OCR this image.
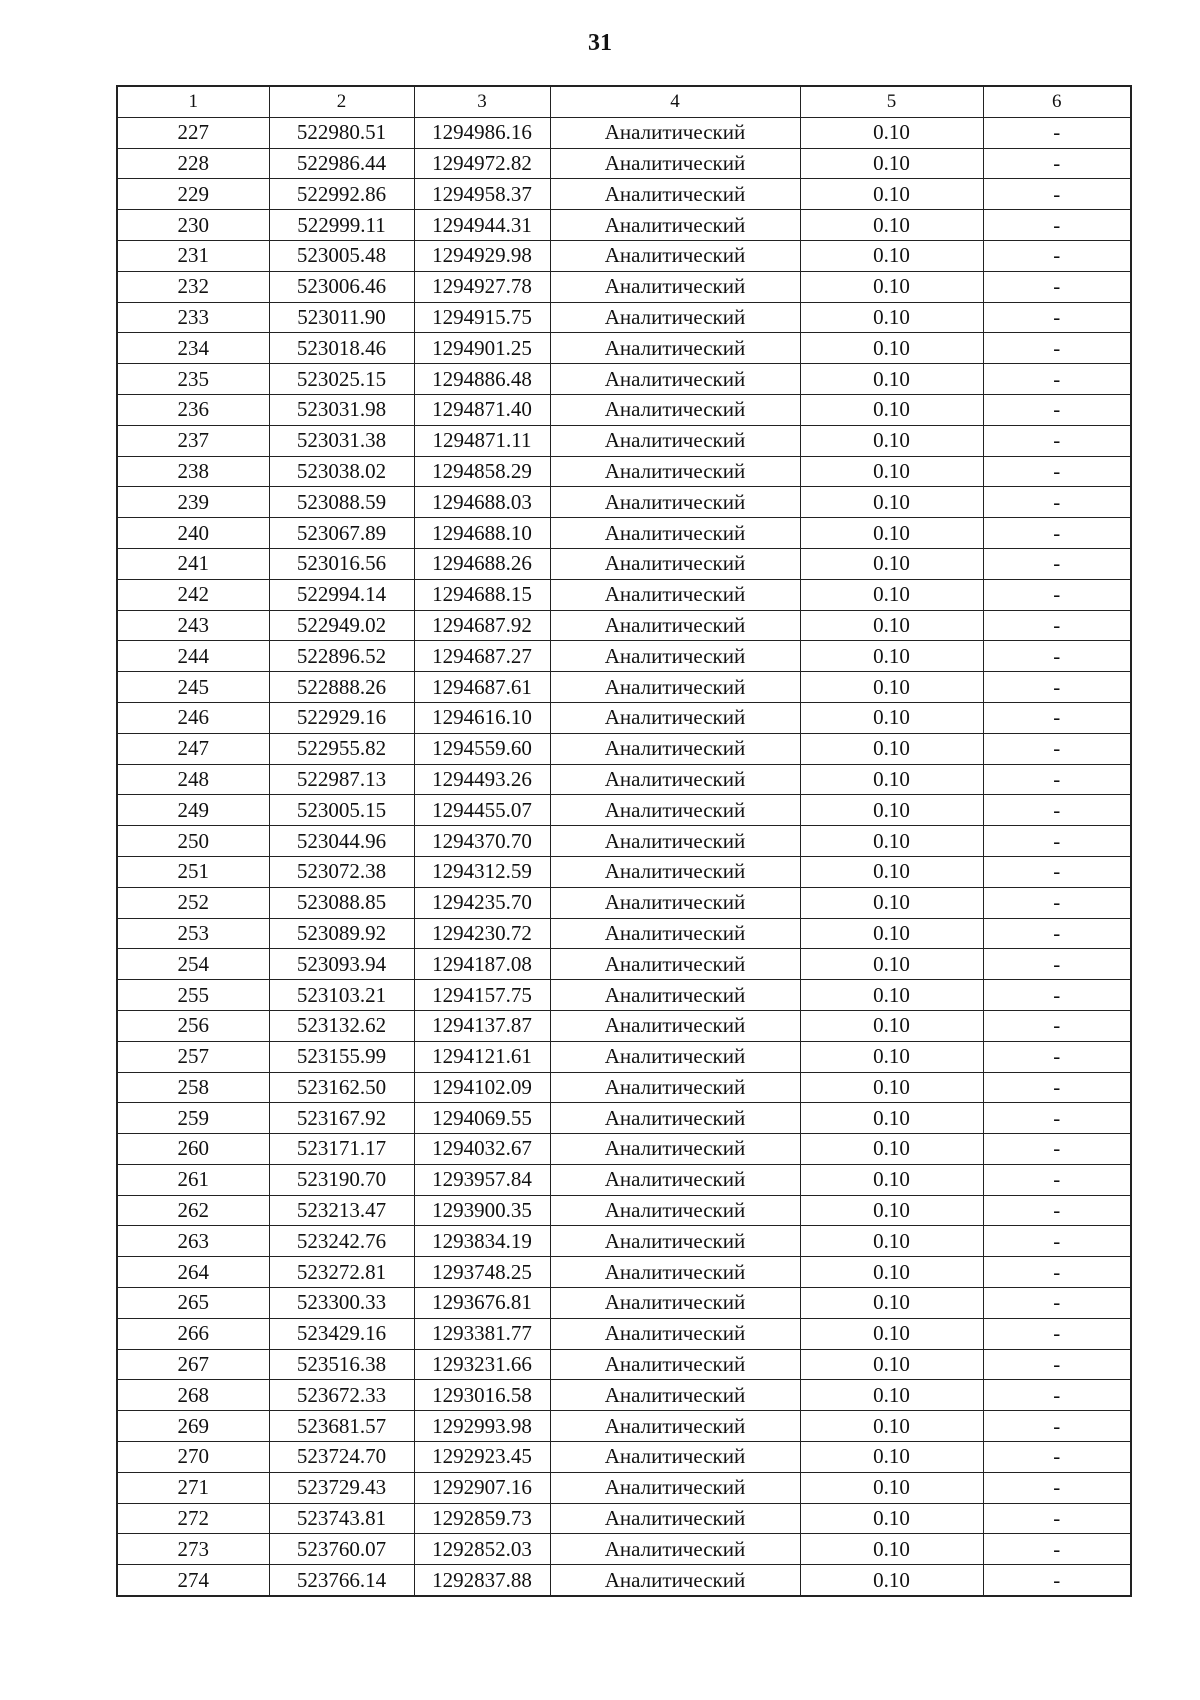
31
1	2	3	4	5	6
227	522980.51	1294986.16	Аналитический	0.10	-
228	522986.44	1294972.82	Аналитический	0.10	-
229	522992.86	1294958.37	Аналитический	0.10	-
230	522999.11	1294944.31	Аналитический	0.10	-
231	523005.48	1294929.98	Аналитический	0.10	-
232	523006.46	1294927.78	Аналитический	0.10	-
233	523011.90	1294915.75	Аналитический	0.10	-
234	523018.46	1294901.25	Аналитический	0.10	-
235	523025.15	1294886.48	Аналитический	0.10	-
236	523031.98	1294871.40	Аналитический	0.10	-
237	523031.38	1294871.11	Аналитический	0.10	-
238	523038.02	1294858.29	Аналитический	0.10	-
239	523088.59	1294688.03	Аналитический	0.10	-
240	523067.89	1294688.10	Аналитический	0.10	-
241	523016.56	1294688.26	Аналитический	0.10	-
242	522994.14	1294688.15	Аналитический	0.10	-
243	522949.02	1294687.92	Аналитический	0.10	-
244	522896.52	1294687.27	Аналитический	0.10	-
245	522888.26	1294687.61	Аналитический	0.10	-
246	522929.16	1294616.10	Аналитический	0.10	-
247	522955.82	1294559.60	Аналитический	0.10	-
248	522987.13	1294493.26	Аналитический	0.10	-
249	523005.15	1294455.07	Аналитический	0.10	-
250	523044.96	1294370.70	Аналитический	0.10	-
251	523072.38	1294312.59	Аналитический	0.10	-
252	523088.85	1294235.70	Аналитический	0.10	-
253	523089.92	1294230.72	Аналитический	0.10	-
254	523093.94	1294187.08	Аналитический	0.10	-
255	523103.21	1294157.75	Аналитический	0.10	-
256	523132.62	1294137.87	Аналитический	0.10	-
257	523155.99	1294121.61	Аналитический	0.10	-
258	523162.50	1294102.09	Аналитический	0.10	-
259	523167.92	1294069.55	Аналитический	0.10	-
260	523171.17	1294032.67	Аналитический	0.10	-
261	523190.70	1293957.84	Аналитический	0.10	-
262	523213.47	1293900.35	Аналитический	0.10	-
263	523242.76	1293834.19	Аналитический	0.10	-
264	523272.81	1293748.25	Аналитический	0.10	-
265	523300.33	1293676.81	Аналитический	0.10	-
266	523429.16	1293381.77	Аналитический	0.10	-
267	523516.38	1293231.66	Аналитический	0.10	-
268	523672.33	1293016.58	Аналитический	0.10	-
269	523681.57	1292993.98	Аналитический	0.10	-
270	523724.70	1292923.45	Аналитический	0.10	-
271	523729.43	1292907.16	Аналитический	0.10	-
272	523743.81	1292859.73	Аналитический	0.10	-
273	523760.07	1292852.03	Аналитический	0.10	-
274	523766.14	1292837.88	Аналитический	0.10	-
